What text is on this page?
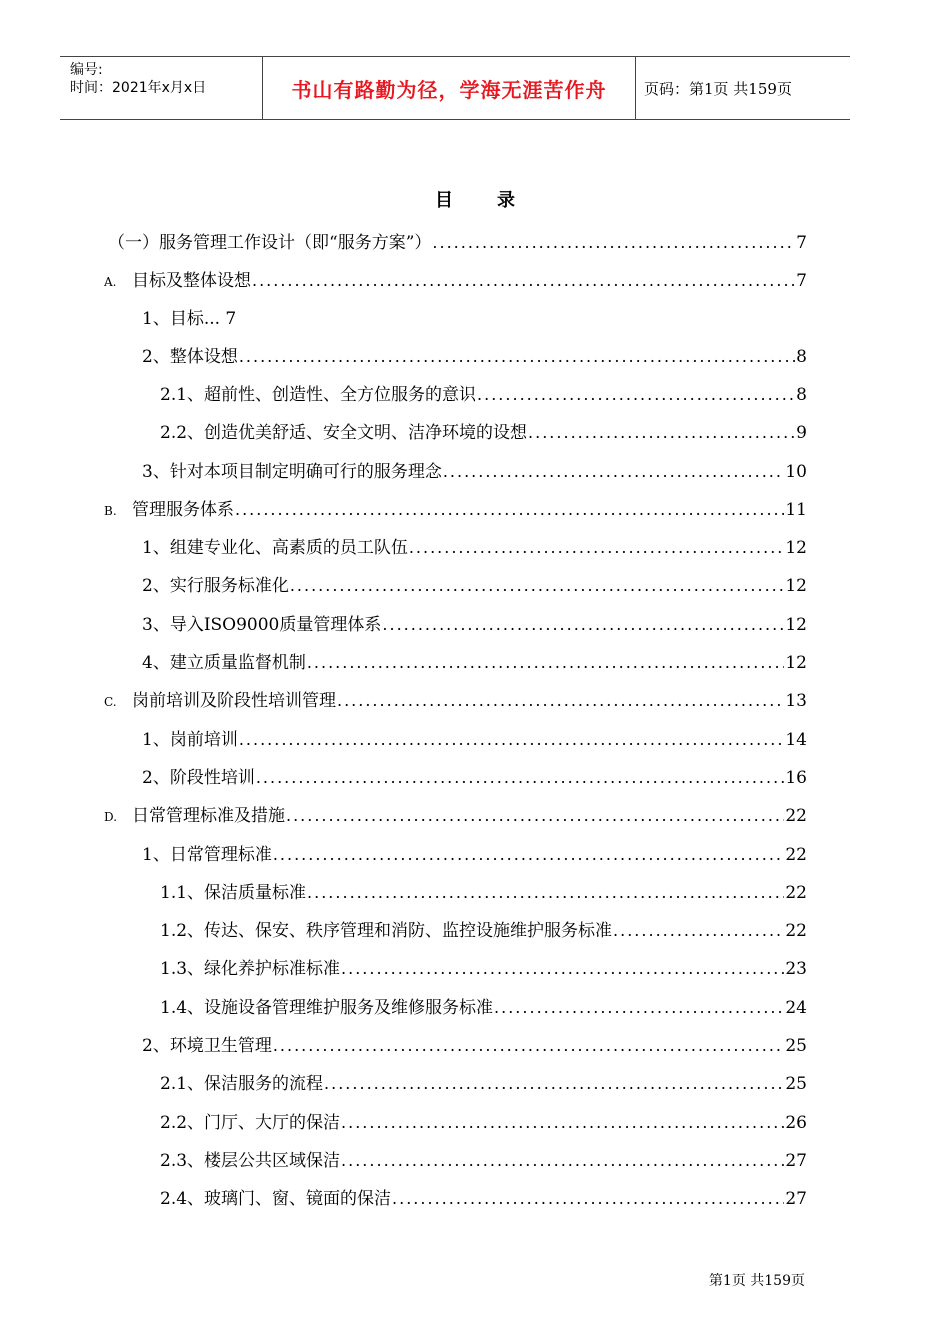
编号:
时间：2021年x月x日	书山有路勤为径，学海无涯苦作舟	页码：第1页 共159页
目录
（一）服务管理工作设计（即“服务方案”） .....	7
A. 目标及整体设想 .....	7
1、目标... 7
2、整体设想 .....	8
2.1、超前性、创造性、全方位服务的意识 .....	8
2.2、创造优美舒适、安全文明、洁净环境的设想 .....	9
3、针对本项目制定明确可行的服务理念 .....	10
B. 管理服务体系 .....	11
1、组建专业化、高素质的员工队伍 .....	12
2、实行服务标准化 .....	12
3、导入ISO9000质量管理体系 .....	12
4、建立质量监督机制 .....	12
C. 岗前培训及阶段性培训管理 .....	13
1、岗前培训 .....	14
2、阶段性培训 .....	16
D. 日常管理标准及措施 .....	22
1、日常管理标准 .....	22
1.1、保洁质量标准 .....	22
1.2、传达、保安、秩序管理和消防、监控设施维护服务标准 .....	22
1.3、绿化养护标准标准 .....	23
1.4、设施设备管理维护服务及维修服务标准 .....	24
2、环境卫生管理 .....	25
2.1、保洁服务的流程 .....	25
2.2、门厅、大厅的保洁 .....	26
2.3、楼层公共区域保洁 .....	27
2.4、玻璃门、窗、镜面的保洁 .....	27
第1页 共159页
